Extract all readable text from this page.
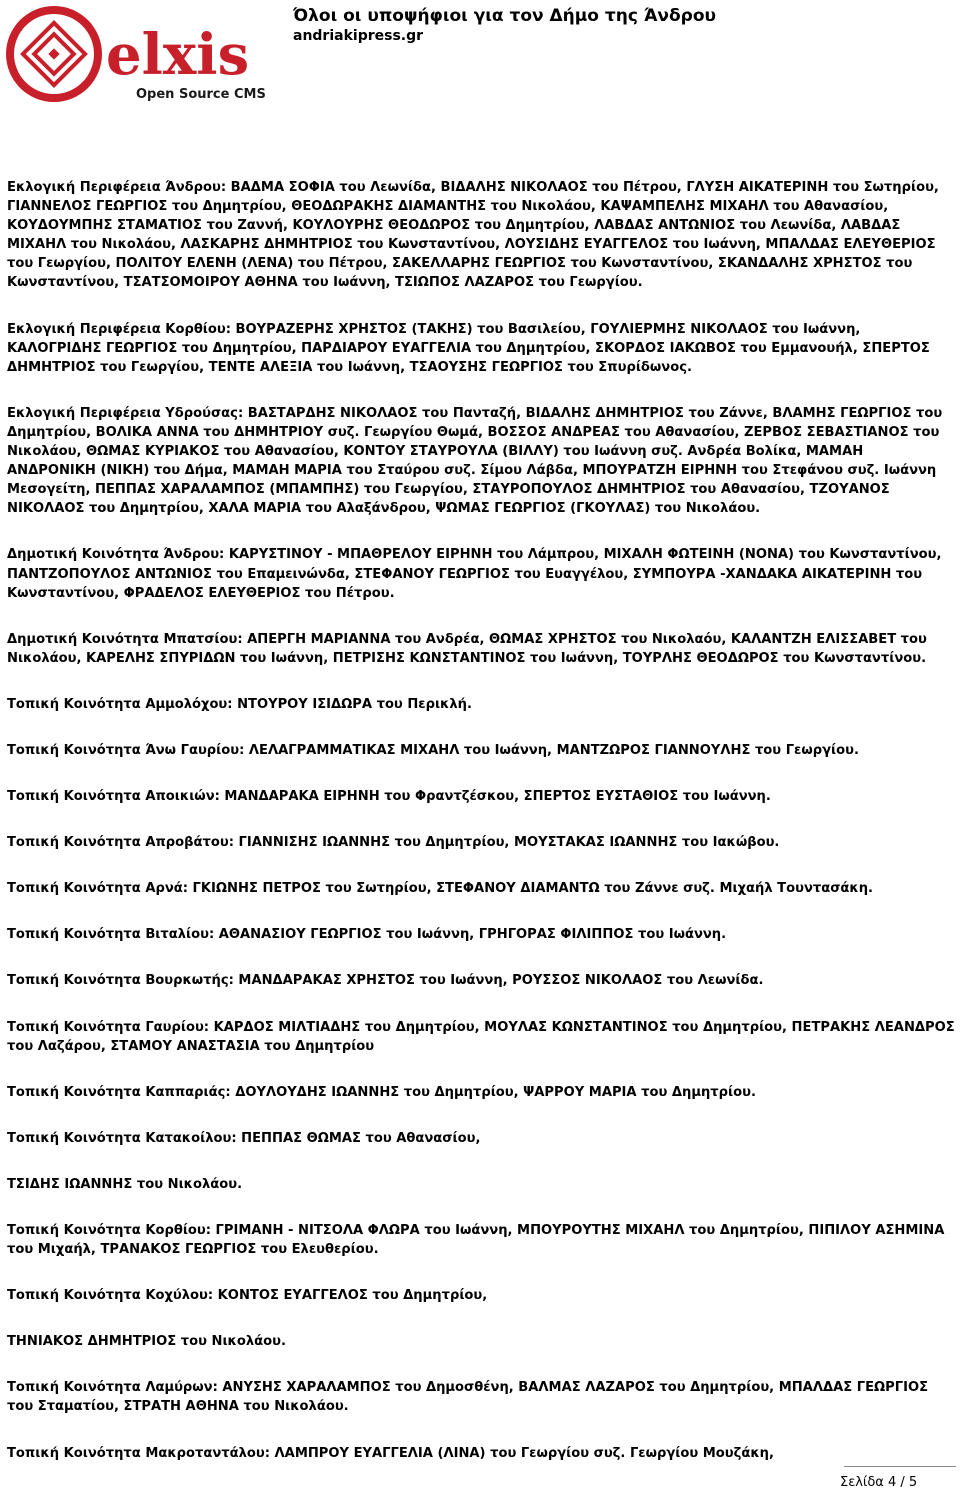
elxis
Open Source CMS
Όλοι οι υποψήφιοι για τον Δήμο της Άνδρου
andriakipress.gr

Εκλογική Περιφέρεια Άνδρου: ΒΑΔΜΑ ΣΟΦΙΑ του Λεωνίδα, ΒΙΔΑΛΗΣ ΝΙΚΟΛΑΟΣ του Πέτρου, ΓΛΥΣΗ ΑΙΚΑΤΕΡΙΝΗ του Σωτηρίου, ΓΙΑΝΝΕΛΟΣ ΓΕΩΡΓΙΟΣ του Δημητρίου, ΘΕΟΔΩΡΑΚΗΣ ΔΙΑΜΑΝΤΗΣ του Νικολάου, ΚΑΨΑΜΠΕΛΗΣ ΜΙΧΑΗΛ του Αθανασίου, ΚΟΥΔΟΥΜΠΗΣ ΣΤΑΜΑΤΙΟΣ του Ζαννή, ΚΟΥΛΟΥΡΗΣ ΘΕΟΔΩΡΟΣ του Δημητρίου, ΛΑΒΔΑΣ ΑΝΤΩΝΙΟΣ του Λεωνίδα, ΛΑΒΔΑΣ ΜΙΧΑΗΛ του Νικολάου, ΛΑΣΚΑΡΗΣ ΔΗΜΗΤΡΙΟΣ του Κωνσταντίνου, ΛΟΥΣΙΔΗΣ ΕΥΑΓΓΕΛΟΣ του Ιωάννη, ΜΠΑΛΔΑΣ ΕΛΕΥΘΕΡΙΟΣ του Γεωργίου, ΠΟΛΙΤΟΥ ΕΛΕΝΗ (ΛΕΝΑ) του Πέτρου, ΣΑΚΕΛΛΑΡΗΣ ΓΕΩΡΓΙΟΣ του Κωνσταντίνου, ΣΚΑΝΔΑΛΗΣ ΧΡΗΣΤΟΣ του Κωνσταντίνου, ΤΣΑΤΣΟΜΟΙΡΟΥ ΑΘΗΝΑ του Ιωάννη, ΤΣΙΩΠΟΣ ΛΑΖΑΡΟΣ του Γεωργίου.

Εκλογική Περιφέρεια Κορθίου: ΒΟΥΡΑΖΕΡΗΣ ΧΡΗΣΤΟΣ (ΤΑΚΗΣ) του Βασιλείου, ΓΟΥΛΙΕΡΜΗΣ ΝΙΚΟΛΑΟΣ του Ιωάννη, ΚΑΛΟΓΡΙΔΗΣ ΓΕΩΡΓΙΟΣ του Δημητρίου, ΠΑΡΔΙΑΡΟΥ ΕΥΑΓΓΕΛΙΑ του Δημητρίου, ΣΚΟΡΔΟΣ ΙΑΚΩΒΟΣ του Εμμανουήλ, ΣΠΕΡΤΟΣ ΔΗΜΗΤΡΙΟΣ του Γεωργίου, ΤΕΝΤΕ ΑΛΕΞΙΑ του Ιωάννη, ΤΣΑΟΥΣΗΣ ΓΕΩΡΓΙΟΣ του Σπυρίδωνος.

Εκλογική Περιφέρεια Υδρούσας: ΒΑΣΤΑΡΔΗΣ ΝΙΚΟΛΑΟΣ του Πανταζή, ΒΙΔΑΛΗΣ ΔΗΜΗΤΡΙΟΣ του Ζάννε, ΒΛΑΜΗΣ ΓΕΩΡΓΙΟΣ του Δημητρίου, ΒΟΛΙΚΑ ΑΝΝΑ του ΔΗΜΗΤΡΙΟΥ συζ. Γεωργίου Θωμά, ΒΟΣΣΟΣ ΑΝΔΡΕΑΣ του Αθανασίου, ΖΕΡΒΟΣ ΣΕΒΑΣΤΙΑΝΟΣ του Νικολάου, ΘΩΜΑΣ ΚΥΡΙΑΚΟΣ του Αθανασίου, ΚΟΝΤΟΥ ΣΤΑΥΡΟΥΛΑ (ΒΙΛΛΥ) του Ιωάννη συζ. Ανδρέα Βολίκα, ΜΑΜΑΗ ΑΝΔΡΟΝΙΚΗ (ΝΙΚΗ) του Δήμα, ΜΑΜΑΗ ΜΑΡΙΑ του Σταύρου συζ. Σίμου Λάβδα, ΜΠΟΥΡΑΤΖΗ ΕΙΡΗΝΗ του Στεφάνου συζ. Ιωάννη Μεσογείτη, ΠΕΠΠΑΣ ΧΑΡΑΛΑΜΠΟΣ (ΜΠΑΜΠΗΣ) του Γεωργίου, ΣΤΑΥΡΟΠΟΥΛΟΣ ΔΗΜΗΤΡΙΟΣ του Αθανασίου, ΤΖΟΥΑΝΟΣ ΝΙΚΟΛΑΟΣ του Δημητρίου, ΧΑΛΑ ΜΑΡΙΑ του Αλαξάνδρου, ΨΩΜΑΣ ΓΕΩΡΓΙΟΣ (ΓΚΟΥΛΑΣ) του Νικολάου.

Δημοτική Κοινότητα Άνδρου: ΚΑΡΥΣΤΙΝΟΥ - ΜΠΑΘΡΕΛΟΥ ΕΙΡΗΝΗ του Λάμπρου, ΜΙΧΑΛΗ ΦΩΤΕΙΝΗ (ΝΟΝΑ) του Κωνσταντίνου, ΠΑΝΤΖΟΠΟΥΛΟΣ ΑΝΤΩΝΙΟΣ του Επαμεινώνδα, ΣΤΕΦΑΝΟΥ ΓΕΩΡΓΙΟΣ του Ευαγγέλου, ΣΥΜΠΟΥΡΑ -ΧΑΝΔΑΚΑ ΑΙΚΑΤΕΡΙΝΗ του Κωνσταντίνου, ΦΡΑΔΕΛΟΣ ΕΛΕΥΘΕΡΙΟΣ του Πέτρου.

Δημοτική Κοινότητα Μπατσίου: ΑΠΕΡΓΗ ΜΑΡΙΑΝΝΑ του Ανδρέα, ΘΩΜΑΣ ΧΡΗΣΤΟΣ του Νικολαόυ, ΚΑΛΑΝΤΖΗ ΕΛΙΣΣΑΒΕΤ του Νικολάου, ΚΑΡΕΛΗΣ ΣΠΥΡΙΔΩΝ του Ιωάννη, ΠΕΤΡΙΣΗΣ ΚΩΝΣΤΑΝΤΙΝΟΣ του Ιωάννη, ΤΟΥΡΛΗΣ ΘΕΟΔΩΡΟΣ του Κωνσταντίνου.

Τοπική Κοινότητα Αμμολόχου: ΝΤΟΥΡΟΥ ΙΣΙΔΩΡΑ του Περικλή.

Τοπική Κοινότητα Άνω Γαυρίου: ΛΕΛΑΓΡΑΜΜΑΤΙΚΑΣ ΜΙΧΑΗΛ του Ιωάννη, ΜΑΝΤΖΩΡΟΣ ΓΙΑΝΝΟΥΛΗΣ του Γεωργίου.

Τοπική Κοινότητα Αποικιών: ΜΑΝΔΑΡΑΚΑ ΕΙΡΗΝΗ του Φραντζέσκου, ΣΠΕΡΤΟΣ ΕΥΣΤΑΘΙΟΣ του Ιωάννη.

Τοπική Κοινότητα Απροβάτου: ΓΙΑΝΝΙΣΗΣ ΙΩΑΝΝΗΣ του Δημητρίου, ΜΟΥΣΤΑΚΑΣ ΙΩΑΝΝΗΣ του Ιακώβου.

Τοπική Κοινότητα Αρνά: ΓΚΙΩΝΗΣ ΠΕΤΡΟΣ του Σωτηρίου, ΣΤΕΦΑΝΟΥ ΔΙΑΜΑΝΤΩ του Ζάννε συζ. Μιχαήλ Τουντασάκη.

Τοπική Κοινότητα Βιταλίου: ΑΘΑΝΑΣΙΟΥ ΓΕΩΡΓΙΟΣ του Ιωάννη, ΓΡΗΓΟΡΑΣ ΦΙΛΙΠΠΟΣ του Ιωάννη.

Τοπική Κοινότητα Βουρκωτής: ΜΑΝΔΑΡΑΚΑΣ ΧΡΗΣΤΟΣ του Ιωάννη, ΡΟΥΣΣΟΣ ΝΙΚΟΛΑΟΣ του Λεωνίδα.

Τοπική Κοινότητα Γαυρίου: ΚΑΡΔΟΣ ΜΙΛΤΙΑΔΗΣ του Δημητρίου, ΜΟΥΛΑΣ ΚΩΝΣΤΑΝΤΙΝΟΣ του Δημητρίου, ΠΕΤΡΑΚΗΣ ΛΕΑΝΔΡΟΣ του Λαζάρου, ΣΤΑΜΟΥ ΑΝΑΣΤΑΣΙΑ του Δημητρίου

Τοπική Κοινότητα Καππαριάς: ΔΟΥΛΟΥΔΗΣ ΙΩΑΝΝΗΣ του Δημητρίου, ΨΑΡΡΟΥ ΜΑΡΙΑ του Δημητρίου.

Τοπική Κοινότητα Κατακοίλου: ΠΕΠΠΑΣ ΘΩΜΑΣ του Αθανασίου,

ΤΣΙΔΗΣ ΙΩΑΝΝΗΣ του Νικολάου.

Τοπική Κοινότητα Κορθίου: ΓΡΙΜΑΝΗ - ΝΙΤΣΟΛΑ ΦΛΩΡΑ του Ιωάννη, ΜΠΟΥΡΟΥΤΗΣ ΜΙΧΑΗΛ του Δημητρίου, ΠΙΠΙΛΟΥ ΑΣΗΜΙΝΑ του Μιχαήλ, ΤΡΑΝΑΚΟΣ ΓΕΩΡΓΙΟΣ του Ελευθερίου.

Τοπική Κοινότητα Κοχύλου: ΚΟΝΤΟΣ ΕΥΑΓΓΕΛΟΣ του Δημητρίου,

ΤΗΝΙΑΚΟΣ ΔΗΜΗΤΡΙΟΣ του Νικολάου.

Τοπική Κοινότητα Λαμύρων: ΑΝΥΣΗΣ ΧΑΡΑΛΑΜΠΟΣ του Δημοσθένη, ΒΑΛΜΑΣ ΛΑΖΑΡΟΣ του Δημητρίου, ΜΠΑΛΔΑΣ ΓΕΩΡΓΙΟΣ του Σταματίου, ΣΤΡΑΤΗ ΑΘΗΝΑ του Νικολάου.

Τοπική Κοινότητα Μακροταντάλου: ΛΑΜΠΡΟΥ ΕΥΑΓΓΕΛΙΑ (ΛΙΝΑ) του Γεωργίου συζ. Γεωργίου Μουζάκη,

Σελίδα 4 / 5
